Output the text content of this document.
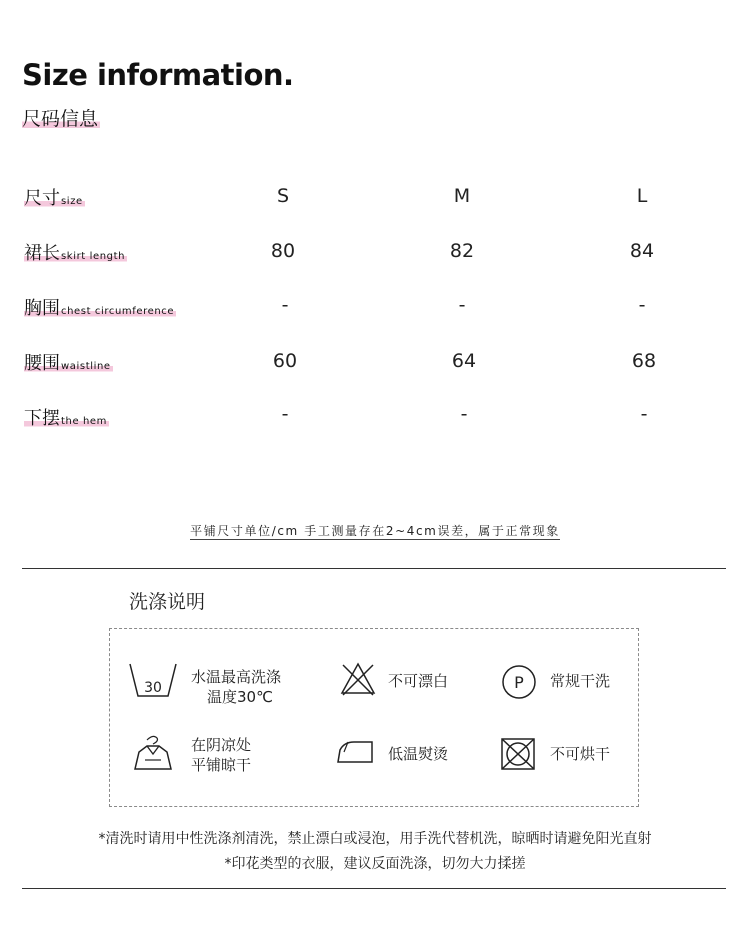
Size information.
尺码信息
尺寸size	S	M	L
裙长skirt length	80	82	84
胸围chest circumference	-	-	-
腰围waistline	60	64	68
下摆the hem	-	-	-
平铺尺寸单位/cm 手工测量存在2~4cm误差，属于正常现象
洗涤说明
30
水温最高洗涤
温度30℃
不可漂白	P 常规干洗
在阴凉处
平铺晾干
低温熨烫	不可烘干
*清洗时请用中性洗涤剂清洗，禁止漂白或浸泡，用手洗代替机洗，晾晒时请避免阳光直射
*印花类型的衣服，建议反面洗涤，切勿大力揉搓
